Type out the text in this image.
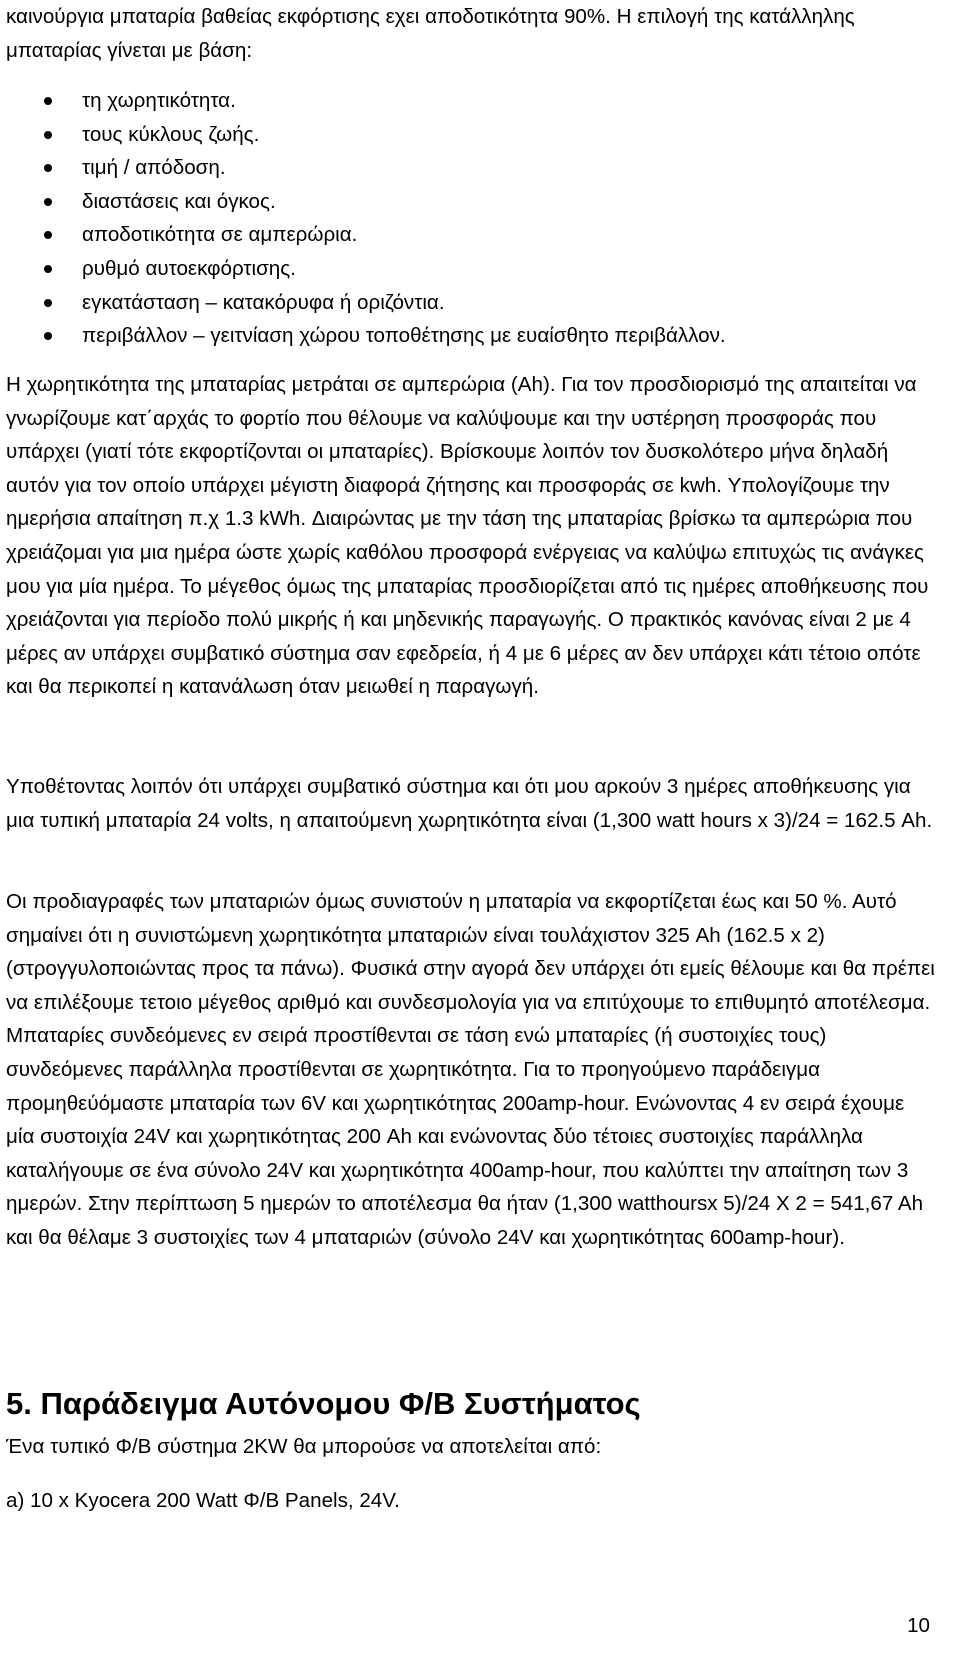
καινούργια μπαταρία βαθείας εκφόρτισης εχει αποδοτικότητα 90%. Η επιλογή της κατάλληλης μπαταρίας γίνεται με βάση:

τη χωρητικότητα.
τους κύκλους ζωής.
τιμή / απόδοση.
διαστάσεις και όγκος.
αποδοτικότητα σε αμπερώρια.
ρυθμό αυτοεκφόρτισης.
εγκατάσταση – κατακόρυφα ή οριζόντια.
περιβάλλον – γειτνίαση χώρου τοποθέτησης με ευαίσθητο περιβάλλον.

Η χωρητικότητα της μπαταρίας μετράται σε αμπερώρια (Ah). Για τον προσδιορισμό της απαιτείται να γνωρίζουμε κατ΄αρχάς το φορτίο που θέλουμε να καλύψουμε και την υστέρηση προσφοράς που υπάρχει (γιατί τότε εκφορτίζονται οι μπαταρίες). Βρίσκουμε λοιπόν τον δυσκολότερο μήνα δηλαδή αυτόν για τον οποίο υπάρχει μέγιστη διαφορά ζήτησης και προσφοράς σε kwh. Υπολογίζουμε την ημερήσια απαίτηση π.χ 1.3 kWh. Διαιρώντας με την τάση της μπαταρίας βρίσκω τα αμπερώρια που χρειάζομαι για μια ημέρα ώστε χωρίς καθόλου προσφορά ενέργειας να καλύψω επιτυχώς τις ανάγκες μου για μία ημέρα. Το μέγεθος όμως της μπαταρίας προσδιορίζεται από τις ημέρες αποθήκευσης που χρειάζονται για περίοδο πολύ μικρής ή και μηδενικής παραγωγής. Ο πρακτικός κανόνας είναι 2 με 4 μέρες αν υπάρχει συμβατικό σύστημα σαν εφεδρεία, ή 4 με 6 μέρες αν δεν υπάρχει κάτι τέτοιο οπότε και θα περικοπεί η κατανάλωση όταν μειωθεί η παραγωγή.

Υποθέτοντας λοιπόν ότι υπάρχει συμβατικό σύστημα και ότι μου αρκούν 3 ημέρες αποθήκευσης για μια τυπική μπαταρία 24 volts, η απαιτούμενη χωρητικότητα είναι (1,300 watt hours x 3)/24 = 162.5 Ah.

Οι προδιαγραφές των μπαταριών όμως συνιστούν η μπαταρία να εκφορτίζεται έως και 50 %. Αυτό σημαίνει ότι η συνιστώμενη χωρητικότητα μπαταριών είναι τουλάχιστον 325 Ah (162.5 x 2) (στρογγυλοποιώντας προς τα πάνω). Φυσικά στην αγορά δεν υπάρχει ότι εμείς θέλουμε και θα πρέπει να επιλέξουμε τετοιο μέγεθος αριθμό και συνδεσμολογία για να επιτύχουμε το επιθυμητό αποτέλεσμα. Μπαταρίες συνδεόμενες εν σειρά προστίθενται σε τάση ενώ μπαταρίες (ή συστοιχίες τους) συνδεόμενες παράλληλα προστίθενται σε χωρητικότητα. Για το προηγούμενο παράδειγμα προμηθεύόμαστε μπαταρία των 6V και χωρητικότητας 200amp-hour. Ενώνοντας 4 εν σειρά έχουμε μία συστοιχία 24V και χωρητικότητας 200 Ah και ενώνοντας δύο τέτοιες συστοιχίες παράλληλα καταλήγουμε σε ένα σύνολο 24V και χωρητικότητα 400amp-hour, που καλύπτει την απαίτηση των 3 ημερών. Στην περίπτωση 5 ημερών το αποτέλεσμα θα ήταν (1,300 watthoursx 5)/24 X 2 = 541,67 Ah και θα θέλαμε 3 συστοιχίες των 4 μπαταριών (σύνολο 24V και χωρητικότητας 600amp-hour).

5. Παράδειγμα Αυτόνομου Φ/Β Συστήματος

Ένα τυπικό Φ/Β σύστημα 2KW θα μπορούσε να αποτελείται από:

a) 10 x Kyocera 200 Watt Φ/Β Panels, 24V.

10
